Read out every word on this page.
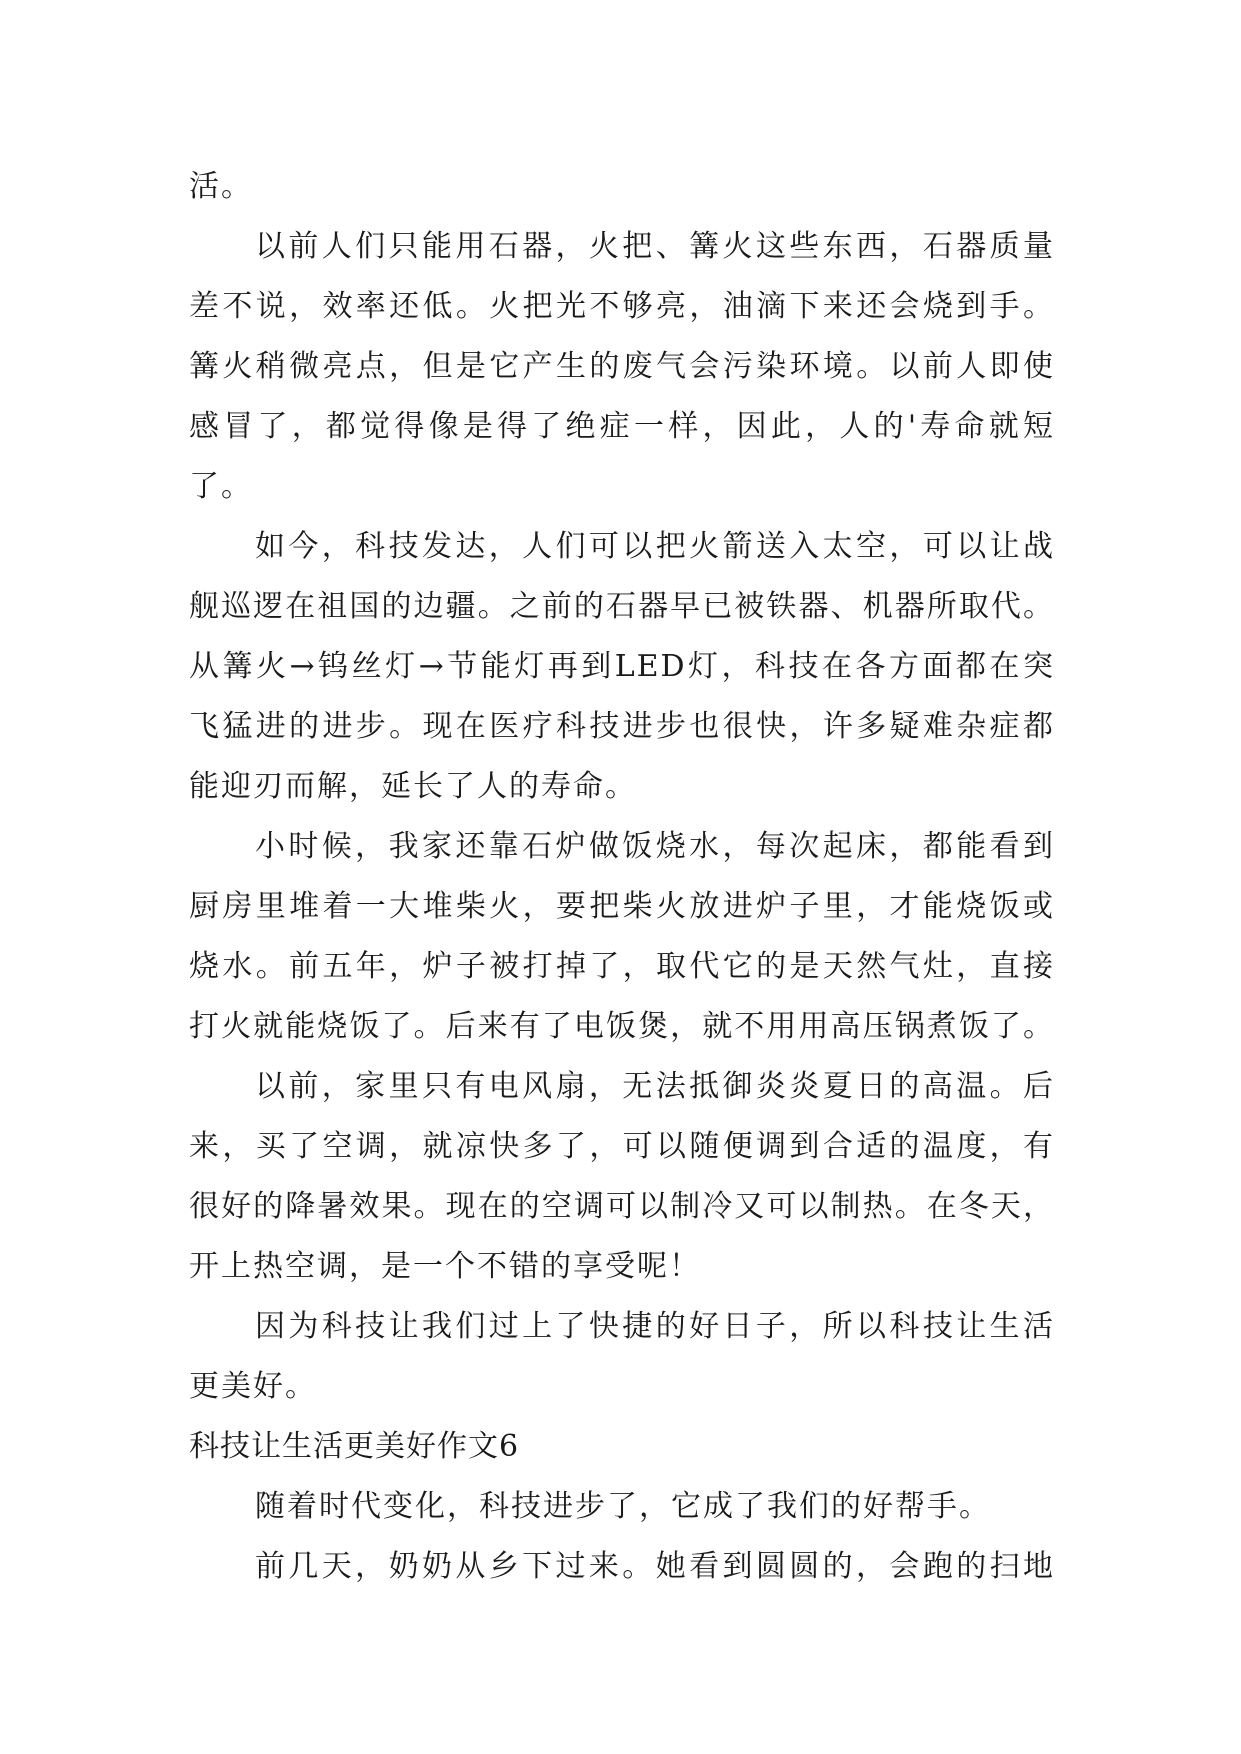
活。
以前人们只能用石器，火把、篝火这些东西，石器质量
差不说，效率还低。火把光不够亮，油滴下来还会烧到手。
篝火稍微亮点，但是它产生的废气会污染环境。以前人即使
感冒了，都觉得像是得了绝症一样，因此，人的'寿命就短
了。
如今，科技发达，人们可以把火箭送入太空，可以让战
舰巡逻在祖国的边疆。之前的石器早已被铁器、机器所取代。
从篝火→钨丝灯→节能灯再到LED灯，科技在各方面都在突
飞猛进的进步。现在医疗科技进步也很快，许多疑难杂症都
能迎刃而解，延长了人的寿命。
小时候，我家还靠石炉做饭烧水，每次起床，都能看到
厨房里堆着一大堆柴火，要把柴火放进炉子里，才能烧饭或
烧水。前五年，炉子被打掉了，取代它的是天然气灶，直接
打火就能烧饭了。后来有了电饭煲，就不用用高压锅煮饭了。
以前，家里只有电风扇，无法抵御炎炎夏日的高温。后
来，买了空调，就凉快多了，可以随便调到合适的温度，有
很好的降暑效果。现在的空调可以制冷又可以制热。在冬天，
开上热空调，是一个不错的享受呢！
因为科技让我们过上了快捷的好日子，所以科技让生活
更美好。
科技让生活更美好作文6
随着时代变化，科技进步了，它成了我们的好帮手。
前几天，奶奶从乡下过来。她看到圆圆的，会跑的扫地
